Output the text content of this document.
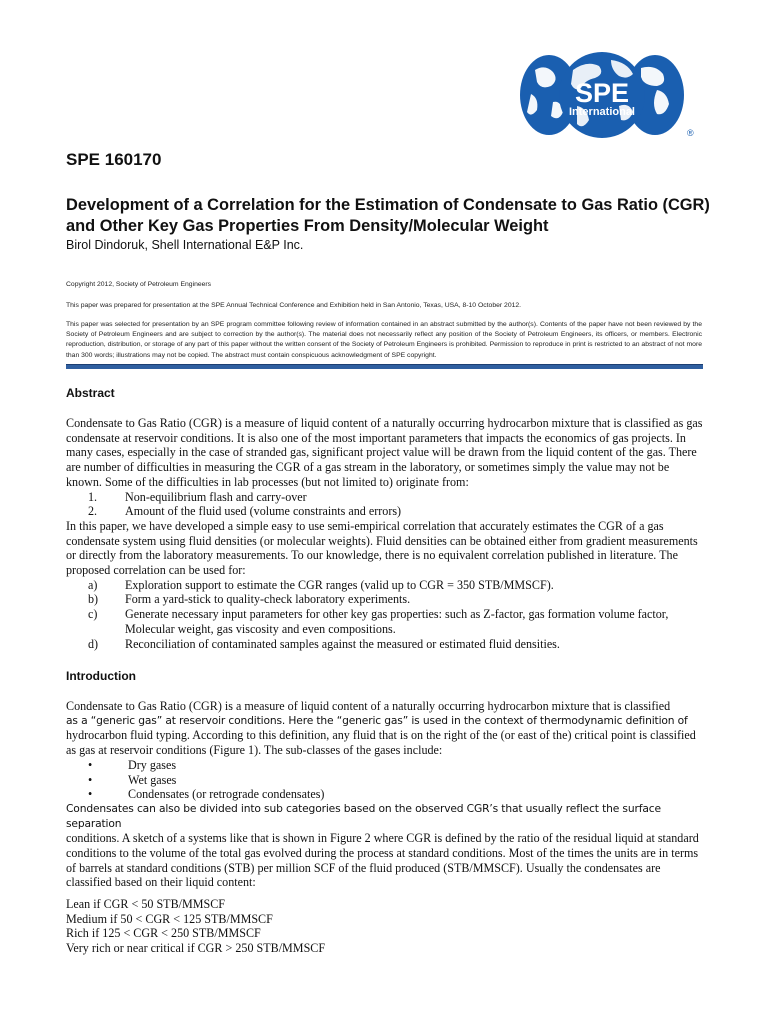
SPE
International
®
SPE 160170
Development of a Correlation for the Estimation of Condensate to Gas Ratio (CGR) and Other Key Gas Properties From Density/Molecular Weight
Birol Dindoruk, Shell International E&P Inc.
Copyright 2012, Society of Petroleum Engineers
This paper was prepared for presentation at the SPE Annual Technical Conference and Exhibition held in San Antonio, Texas, USA, 8-10 October 2012.
This paper was selected for presentation by an SPE program committee following review of information contained in an abstract submitted by the author(s). Contents of the paper have not been reviewed by the Society of Petroleum Engineers and are subject to correction by the author(s). The material does not necessarily reflect any position of the Society of Petroleum Engineers, its officers, or members. Electronic reproduction, distribution, or storage of any part of this paper without the written consent of the Society of Petroleum Engineers is prohibited. Permission to reproduce in print is restricted to an abstract of not more than 300 words; illustrations may not be copied. The abstract must contain conspicuous acknowledgment of SPE copyright.
Abstract

Condensate to Gas Ratio (CGR) is a measure of liquid content of a naturally occurring hydrocarbon mixture that is classified as gas condensate at reservoir conditions. It is also one of the most important parameters that impacts the economics of gas projects. In many cases, especially in the case of stranded gas, significant project value will be drawn from the liquid content of the gas. There are number of difficulties in measuring the CGR of a gas stream in the laboratory, or sometimes simply the value may not be known. Some of the difficulties in lab processes (but not limited to) originate from:

1. Non-equilibrium flash and carry-over
2. Amount of the fluid used (volume constraints and errors)

In this paper, we have developed a simple easy to use semi-empirical correlation that accurately estimates the CGR of a gas condensate system using fluid densities (or molecular weights). Fluid densities can be obtained either from gradient measurements or directly from the laboratory measurements. To our knowledge, there is no equivalent correlation published in literature. The proposed correlation can be used for:

a) Exploration support to estimate the CGR ranges (valid up to CGR = 350 STB/MMSCF).
b) Form a yard-stick to quality-check laboratory experiments.
c) Generate necessary input parameters for other key gas properties: such as Z-factor, gas formation volume factor, Molecular weight, gas viscosity and even compositions.
d) Reconciliation of contaminated samples against the measured or estimated fluid densities.
Introduction

Condensate to Gas Ratio (CGR) is a measure of liquid content of a naturally occurring hydrocarbon mixture that is classified

as a “generic gas” at reservoir conditions. Here the “generic gas” is used in the context of thermodynamic definition of

hydrocarbon fluid typing. According to this definition, any fluid that is on the right of the (or east of the) critical point is classified as gas at reservoir conditions (Figure 1). The sub-classes of the gases include:

•	Dry gases
•	Wet gases
•	Condensates (or retrograde condensates)

Condensates can also be divided into sub categories based on the observed CGR’s that usually reflect the surface separation

conditions. A sketch of a systems like that is shown in Figure 2 where CGR is defined by the ratio of the residual liquid at standard conditions to the volume of the total gas evolved during the process at standard conditions. Most of the times the units are in terms of barrels at standard conditions (STB) per million SCF of the fluid produced (STB/MMSCF). Usually the condensates are classified based on their liquid content:

Lean if CGR < 50 STB/MMSCF

Medium if 50 < CGR < 125 STB/MMSCF

Rich if 125 < CGR < 250 STB/MMSCF

Very rich or near critical if CGR > 250 STB/MMSCF
